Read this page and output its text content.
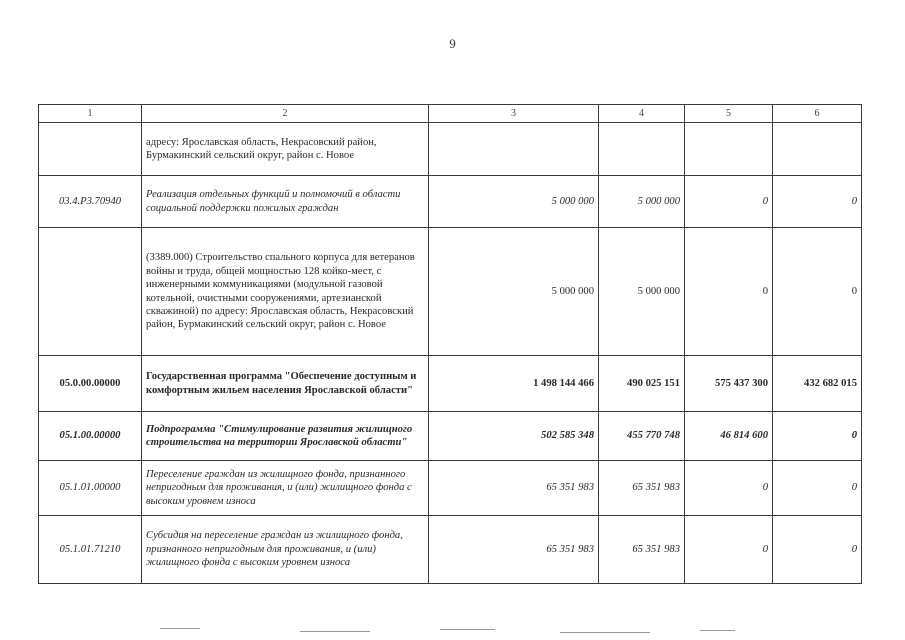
9
1	2	3	4	5	6
	адресу: Ярославская область, Некрасовский район, Бурмакинский сельский округ, район с. Новое				
03.4.P3.70940	Реализация отдельных функций и полномочий в области социальной поддержки пожилых граждан	5 000 000	5 000 000	0	0
	(3389.000) Строительство спального корпуса для ветеранов войны и труда, общей мощностью 128 койко-мест, с инженерными коммуникациями (модульной газовой котельной, очистными сооружениями, артезианской скважиной) по адресу: Ярославская область, Некрасовский район, Бурмакинский сельский округ, район с. Новое	5 000 000	5 000 000	0	0
05.0.00.00000	Государственная программа "Обеспечение доступным и комфортным жильем населения Ярославской области"	1 498 144 466	490 025 151	575 437 300	432 682 015
05.1.00.00000	Подпрограмма "Стимулирование развития жилищного строительства на территории Ярославской области"	502 585 348	455 770 748	46 814 600	0
05.1.01.00000	Переселение граждан из жилищного фонда, признанного непригодным для проживания, и (или) жилищного фонда с высоким уровнем износа	65 351 983	65 351 983	0	0
05.1.01.71210	Субсидия на переселение граждан из жилищного фонда, признанного непригодным для проживания, и (или) жилищного фонда с высоким уровнем износа	65 351 983	65 351 983	0	0
